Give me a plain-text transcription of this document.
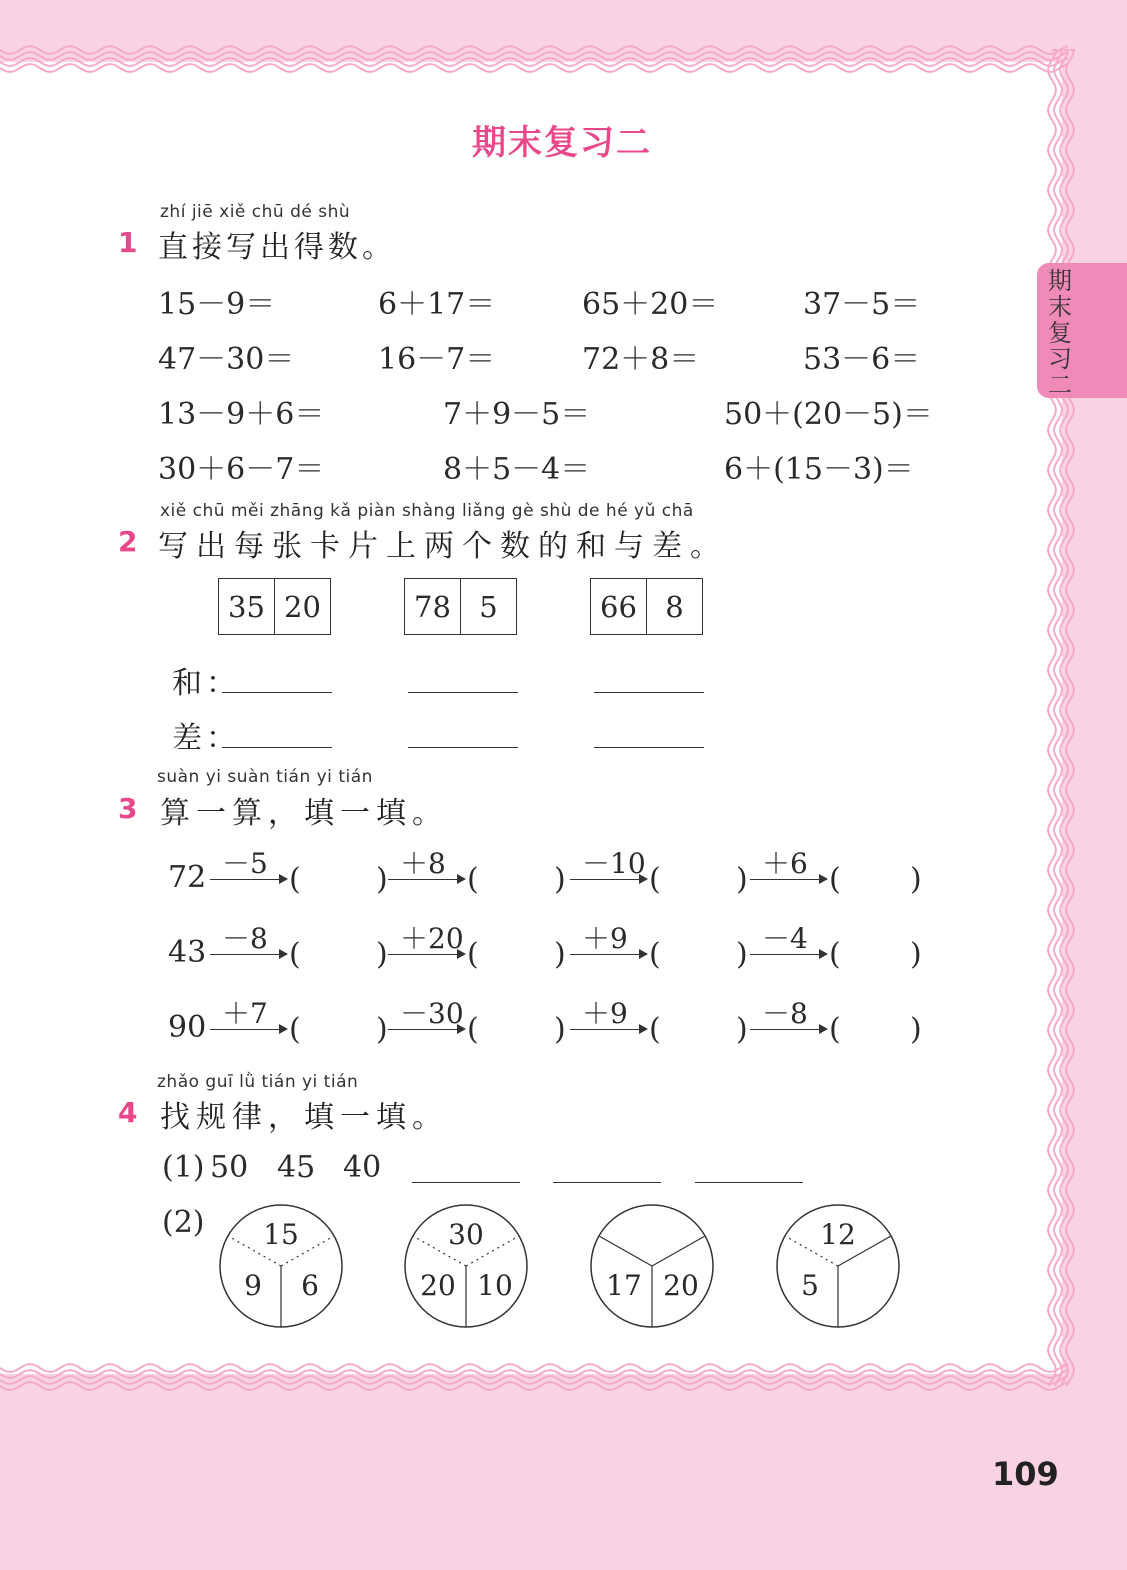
期末复习二
期末复习二
zhí jiē xiě chū dé shù
1 直接写出得数。
15－9＝	6＋17＝	65＋20＝	37－5＝
47－30＝	16－7＝	72＋8＝	53－6＝
13－9＋6＝	7＋9－5＝	50＋(20－5)＝
30＋6－7＝	8＋5－4＝	6＋(15－3)＝
xiě chū měi zhāng kǎ piàn shàng liǎng gè shù de hé yǔ chā
2 写出每张卡片上两个数的和与差。
35 20	78 5	66 8
和：
差：
suàn yi suàn tián yi tián
3 算一算，填一填。
72 －5 (	) ＋8 (	) －10 (	) ＋6 ( )
43 －8 (	) ＋20 (	) ＋9 (	) －4 ( )
90 ＋7 (	) －30 (	) ＋9 (	) －8 ( )
zhǎo guī lǜ tián yi tián
4 找规律，填一填。
(1) 50 45 40
(2) 15
9 6
30
20 10	17 20
12
5
109
